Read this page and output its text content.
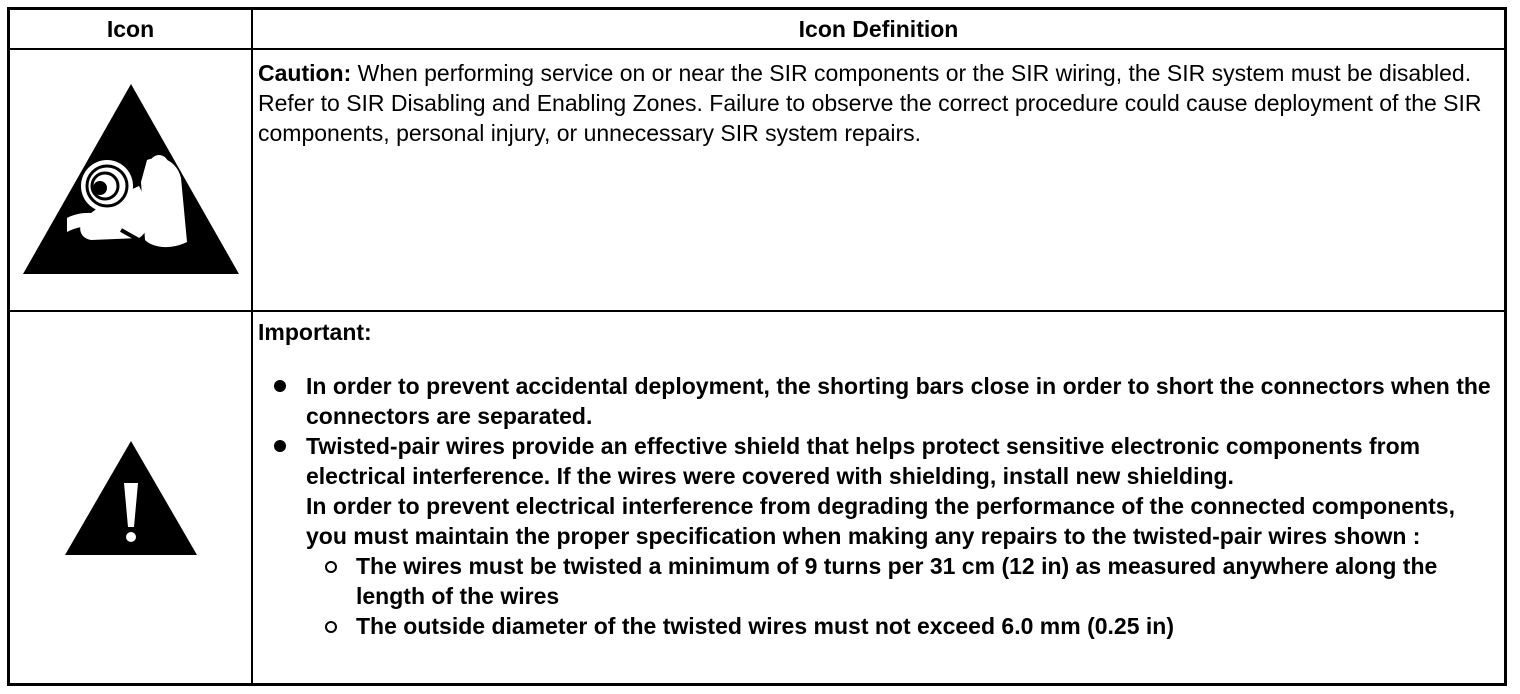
Icon	Icon Definition
Caution: When performing service on or near the SIR components or the SIR wiring, the SIR system must be disabled. Refer to SIR Disabling and Enabling Zones. Failure to observe the correct procedure could cause deployment of the SIR components, personal injury, or unnecessary SIR system repairs.
Important:
In order to prevent accidental deployment, the shorting bars close in order to short the connectors when the connectors are separated.
Twisted-pair wires provide an effective shield that helps protect sensitive electronic components from electrical interference. If the wires were covered with shielding, install new shielding.
In order to prevent electrical interference from degrading the performance of the connected components, you must maintain the proper specification when making any repairs to the twisted-pair wires shown :
The wires must be twisted a minimum of 9 turns per 31 cm (12 in) as measured anywhere along the length of the wires
The outside diameter of the twisted wires must not exceed 6.0 mm (0.25 in)
